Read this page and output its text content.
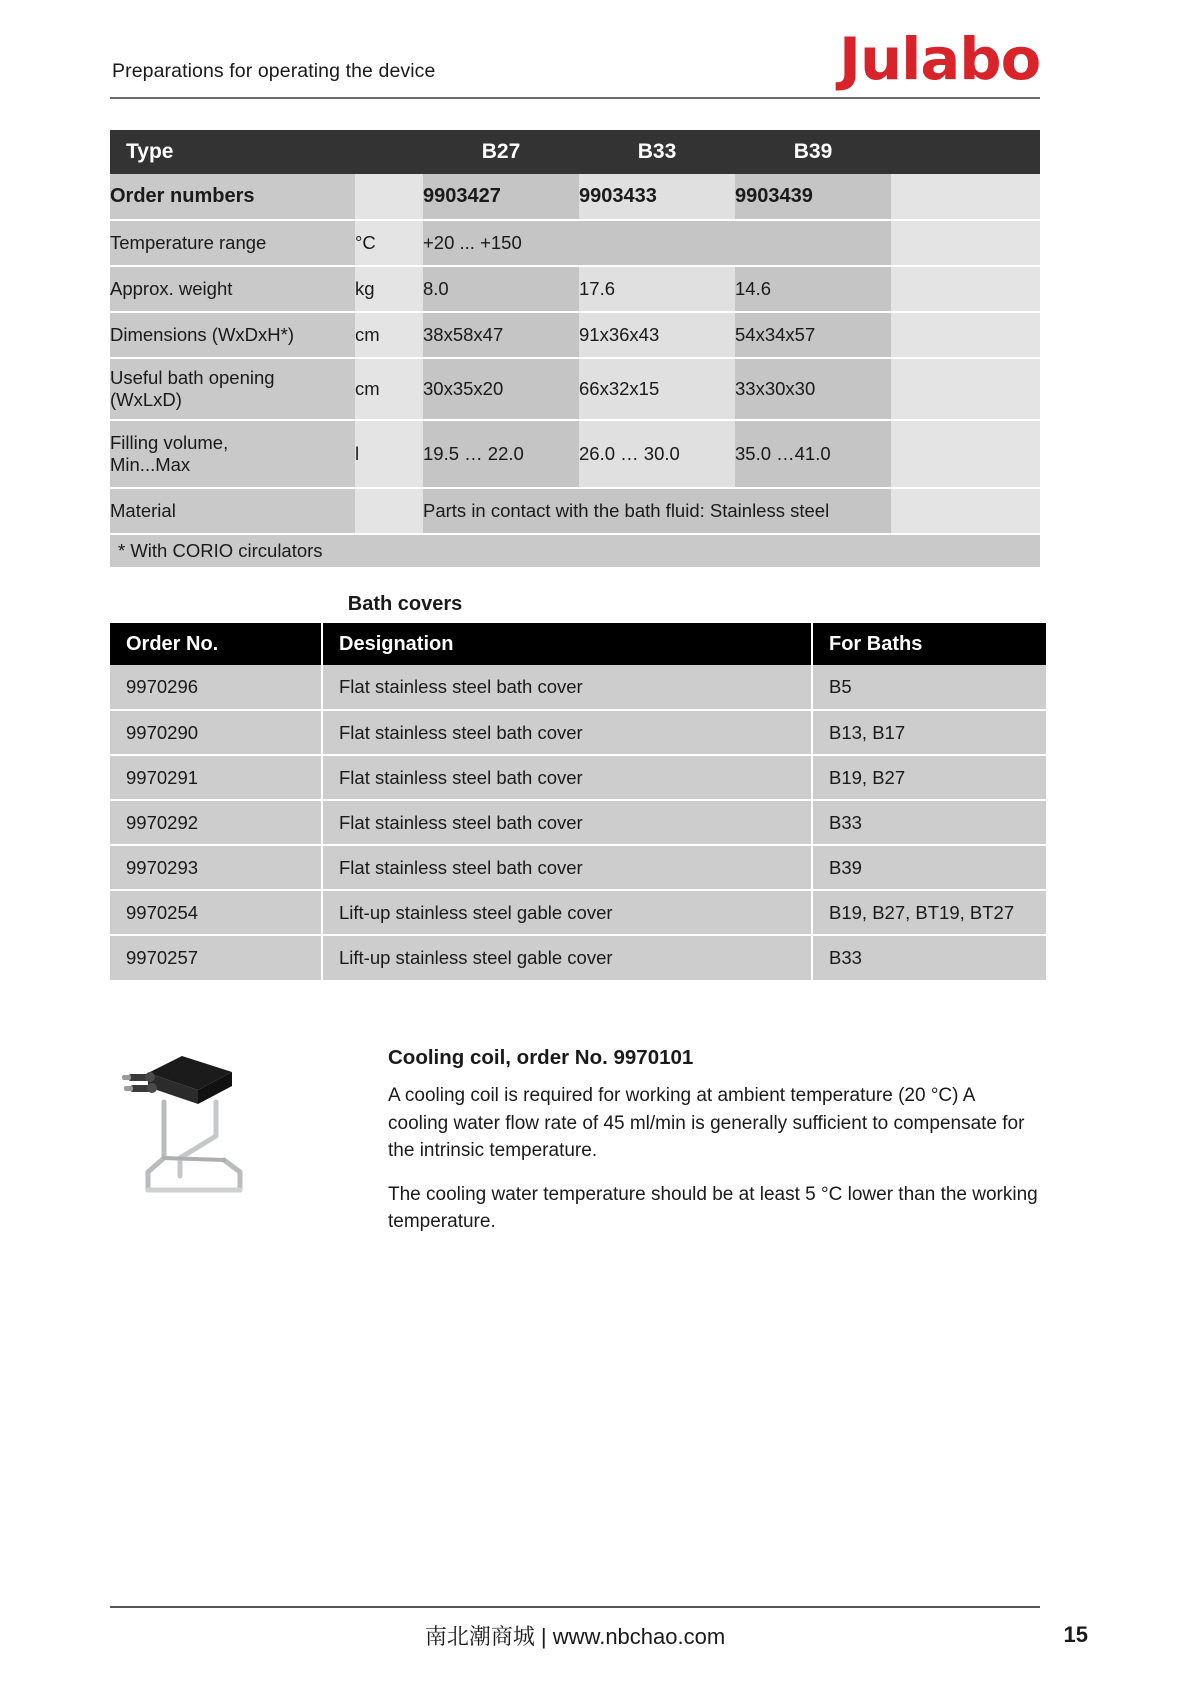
Preparations for operating the device	Julabo
Type		B27	B33	B39	
Order numbers		9903427	9903433	9903439	
Temperature range	°C	+20 ... +150			
Approx. weight	kg	8.0	17.6	14.6	
Dimensions (WxDxH*)	cm	38x58x47	91x36x43	54x34x57	
Useful bath opening
(WxLxD)	cm	30x35x20	66x32x15	33x30x30	
Filling volume,
Min...Max	l	19.5 … 22.0	26.0 … 30.0	35.0 …41.0	
Material		Parts in contact with the bath fluid: Stainless steel			
* With CORIO circulators					
Bath covers
Order No.	Designation	For Baths
9970296	Flat stainless steel bath cover	B5
9970290	Flat stainless steel bath cover	B13, B17
9970291	Flat stainless steel bath cover	B19, B27
9970292	Flat stainless steel bath cover	B33
9970293	Flat stainless steel bath cover	B39
9970254	Lift-up stainless steel gable cover	B19, B27, BT19, BT27
9970257	Lift-up stainless steel gable cover	B33
Cooling coil, order No. 9970101

A cooling coil is required for working at ambient temperature (20 °C) A cooling water flow rate of 45 ml/min is generally sufficient to compensate for the intrinsic temperature.

The cooling water temperature should be at least 5 °C lower than the working temperature.

南北潮商城 | www.nbchao.com	15
